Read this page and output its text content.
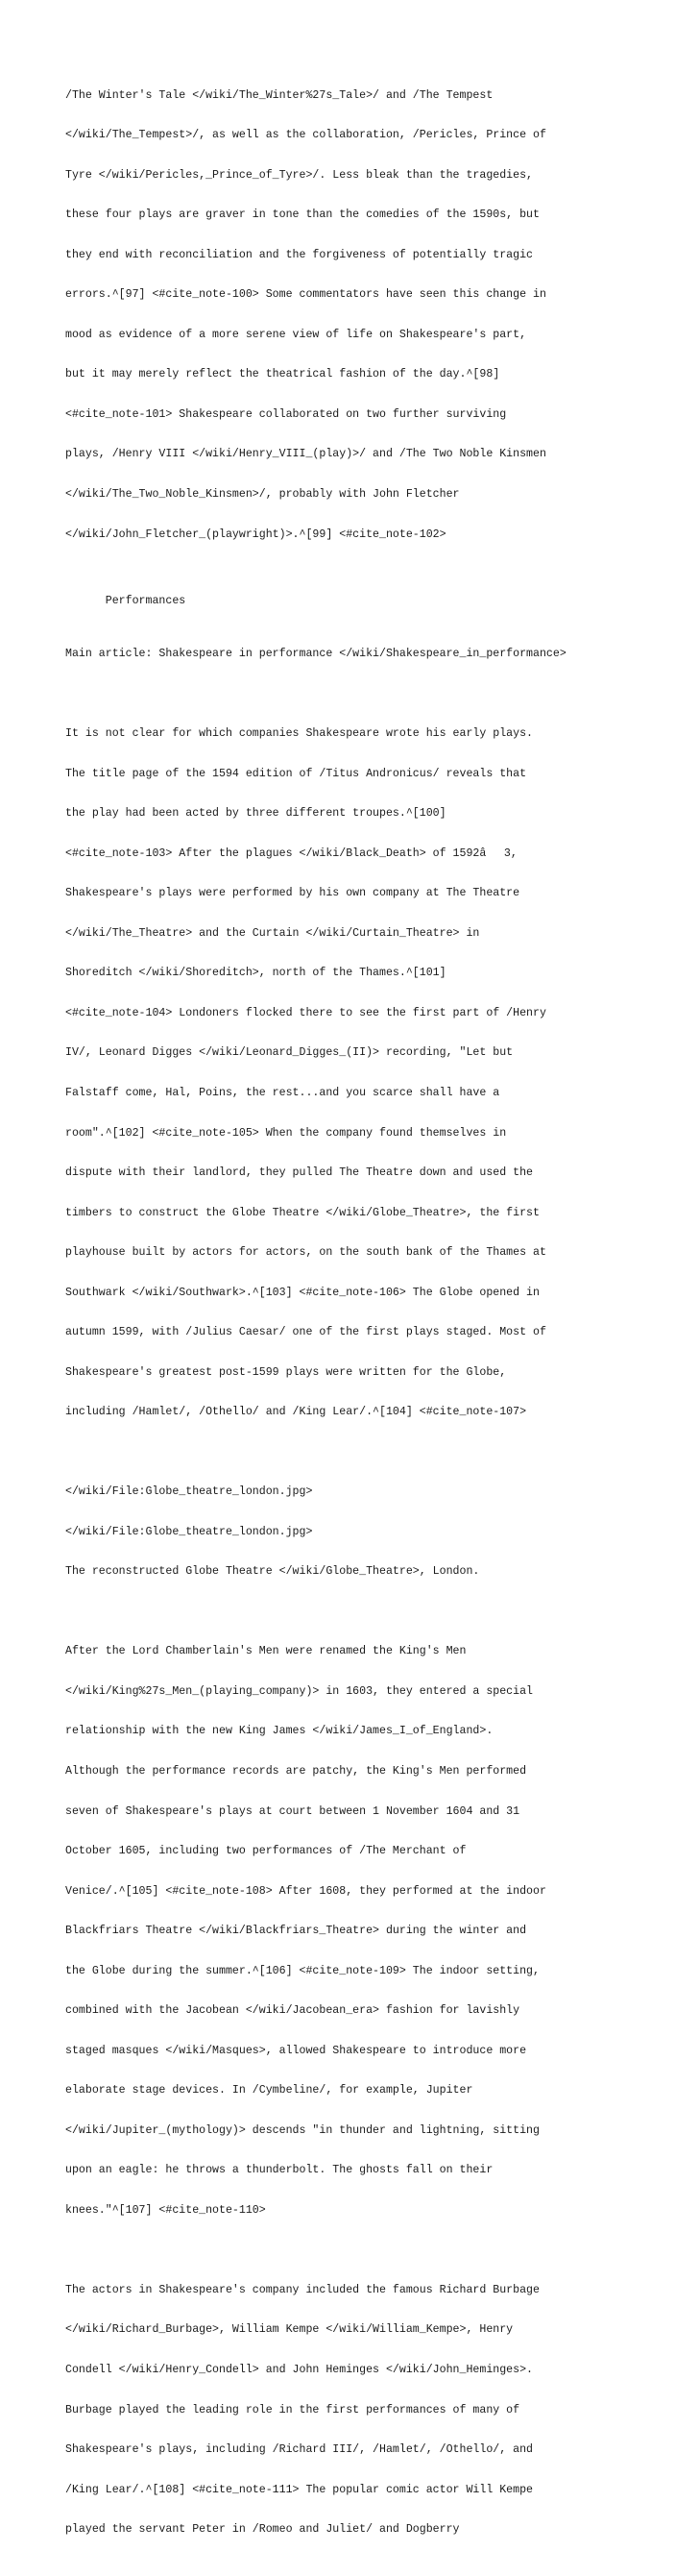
/The Winter's Tale </wiki/The_Winter%27s_Tale>/ and /The Tempest

</wiki/The_Tempest>/, as well as the collaboration, /Pericles, Prince of

Tyre </wiki/Pericles,_Prince_of_Tyre>/. Less bleak than the tragedies,

these four plays are graver in tone than the comedies of the 1590s, but

they end with reconciliation and the forgiveness of potentially tragic

errors.^[97] <#cite_note-100> Some commentators have seen this change in

mood as evidence of a more serene view of life on Shakespeare's part,

but it may merely reflect the theatrical fashion of the day.^[98]

<#cite_note-101> Shakespeare collaborated on two further surviving

plays, /Henry VIII </wiki/Henry_VIII_(play)>/ and /The Two Noble Kinsmen

</wiki/The_Two_Noble_Kinsmen>/, probably with John Fletcher

</wiki/John_Fletcher_(playwright)>.^[99] <#cite_note-102>

Performances

Main article: Shakespeare in performance </wiki/Shakespeare_in_performance>

It is not clear for which companies Shakespeare wrote his early plays.

The title page of the 1594 edition of /Titus Andronicus/ reveals that

the play had been acted by three different troupes.^[100]

<#cite_note-103> After the plagues </wiki/Black_Death> of 1592â3,

Shakespeare's plays were performed by his own company at The Theatre

</wiki/The_Theatre> and the Curtain </wiki/Curtain_Theatre> in

Shoreditch </wiki/Shoreditch>, north of the Thames.^[101]

<#cite_note-104> Londoners flocked there to see the first part of /Henry

IV/, Leonard Digges </wiki/Leonard_Digges_(II)> recording, "Let but

Falstaff come, Hal, Poins, the rest...and you scarce shall have a

room".^[102] <#cite_note-105> When the company found themselves in

dispute with their landlord, they pulled The Theatre down and used the

timbers to construct the Globe Theatre </wiki/Globe_Theatre>, the first

playhouse built by actors for actors, on the south bank of the Thames at

Southwark </wiki/Southwark>.^[103] <#cite_note-106> The Globe opened in

autumn 1599, with /Julius Caesar/ one of the first plays staged. Most of

Shakespeare's greatest post-1599 plays were written for the Globe,

including /Hamlet/, /Othello/ and /King Lear/.^[104] <#cite_note-107>

</wiki/File:Globe_theatre_london.jpg>

</wiki/File:Globe_theatre_london.jpg>

The reconstructed Globe Theatre </wiki/Globe_Theatre>, London.

After the Lord Chamberlain's Men were renamed the King's Men

</wiki/King%27s_Men_(playing_company)> in 1603, they entered a special

relationship with the new King James </wiki/James_I_of_England>.

Although the performance records are patchy, the King's Men performed

seven of Shakespeare's plays at court between 1 November 1604 and 31

October 1605, including two performances of /The Merchant of

Venice/.^[105] <#cite_note-108> After 1608, they performed at the indoor

Blackfriars Theatre </wiki/Blackfriars_Theatre> during the winter and

the Globe during the summer.^[106] <#cite_note-109> The indoor setting,

combined with the Jacobean </wiki/Jacobean_era> fashion for lavishly

staged masques </wiki/Masques>, allowed Shakespeare to introduce more

elaborate stage devices. In /Cymbeline/, for example, Jupiter

</wiki/Jupiter_(mythology)> descends "in thunder and lightning, sitting

upon an eagle: he throws a thunderbolt. The ghosts fall on their

knees."^[107] <#cite_note-110>

The actors in Shakespeare's company included the famous Richard Burbage

</wiki/Richard_Burbage>, William Kempe </wiki/William_Kempe>, Henry

Condell </wiki/Henry_Condell> and John Heminges </wiki/John_Heminges>.

Burbage played the leading role in the first performances of many of

Shakespeare's plays, including /Richard III/, /Hamlet/, /Othello/, and

/King Lear/.^[108] <#cite_note-111> The popular comic actor Will Kempe

played the servant Peter in /Romeo and Juliet/ and Dogberry
